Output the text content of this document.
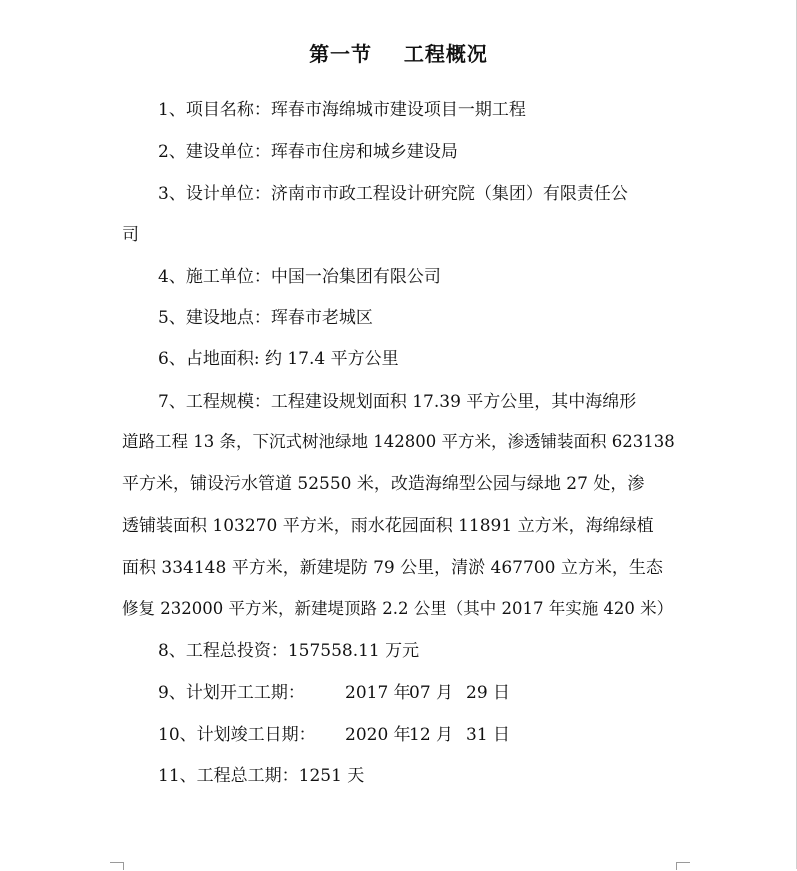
第一节    工程概况
1、项目名称：珲春市海绵城市建设项目一期工程
2、建设单位：珲春市住房和城乡建设局
3、设计单位：济南市市政工程设计研究院（集团）有限责任公
司
4、施工单位：中国一冶集团有限公司
5、建设地点：珲春市老城区
6、占地面积: 约 17.4 平方公里
7、工程规模：工程建设规划面积 17.39 平方公里，其中海绵形
道路工程 13 条，下沉式树池绿地 142800 平方米，渗透铺装面积 623138
平方米，铺设污水管道 52550 米，改造海绵型公园与绿地 27 处，渗
透铺装面积 103270 平方米，雨水花园面积 11891 立方米，海绵绿植
面积 334148 平方米，新建堤防 79 公里，清淤 467700 立方米，生态
修复 232000 平方米，新建堤顶路 2.2 公里（其中 2017 年实施 420 米）
8、工程总投资：157558.11 万元
9、计划开工工期： 2017 年07 月 29 日
10、计划竣工日期： 2020 年12 月 31 日
11、工程总工期：1251 天
